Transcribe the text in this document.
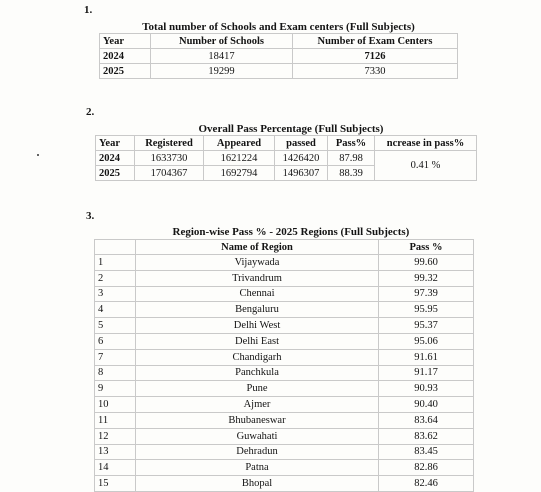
1.
Total number of Schools and Exam centers (Full Subjects)		
Year	Number of Schools	Number of Exam Centers
2024	18417	7126
2025	19299	7330
2.
Overall Pass Percentage (Full Subjects)					
Year	Registered	Appeared	passed	Pass%	ncrease in pass%
2024	1633730	1621224	1426420	87.98	0.41 %
2025	1704367	1692794	1496307	88.39	
3.
Region-wise Pass % - 2025 Regions (Full Subjects)		
	Name of Region	Pass %
1	Vijaywada	99.60
2	Trivandrum	99.32
3	Chennai	97.39
4	Bengaluru	95.95
5	Delhi West	95.37
6	Delhi East	95.06
7	Chandigarh	91.61
8	Panchkula	91.17
9	Pune	90.93
10	Ajmer	90.40
11	Bhubaneswar	83.64
12	Guwahati	83.62
13	Dehradun	83.45
14	Patna	82.86
15	Bhopal	82.46
